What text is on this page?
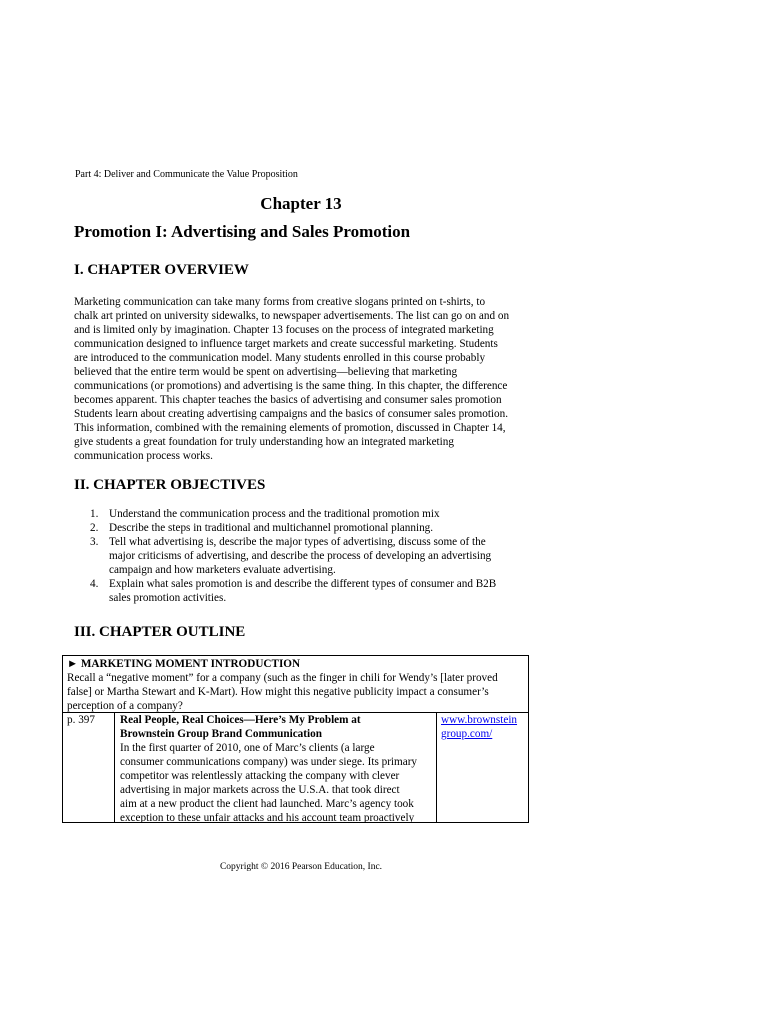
Part 4: Deliver and Communicate the Value Proposition
Chapter 13
Promotion I: Advertising and Sales Promotion
I. CHAPTER OVERVIEW
Marketing communication can take many forms from creative slogans printed on t-shirts, to
chalk art printed on university sidewalks, to newspaper advertisements. The list can go on and on
and is limited only by imagination. Chapter 13 focuses on the process of integrated marketing
communication designed to influence target markets and create successful marketing. Students
are introduced to the communication model. Many students enrolled in this course probably
believed that the entire term would be spent on advertising—believing that marketing
communications (or promotions) and advertising is the same thing. In this chapter, the difference
becomes apparent. This chapter teaches the basics of advertising and consumer sales promotion
Students learn about creating advertising campaigns and the basics of consumer sales promotion.
This information, combined with the remaining elements of promotion, discussed in Chapter 14,
give students a great foundation for truly understanding how an integrated marketing
communication process works.
II. CHAPTER OBJECTIVES
1. Understand the communication process and the traditional promotion mix
2. Describe the steps in traditional and multichannel promotional planning.
3. Tell what advertising is, describe the major types of advertising, discuss some of the
major criticisms of advertising, and describe the process of developing an advertising
campaign and how marketers evaluate advertising.
4. Explain what sales promotion is and describe the different types of consumer and B2B
sales promotion activities.
III. CHAPTER OUTLINE
► MARKETING MOMENT INTRODUCTION
Recall a “negative moment” for a company (such as the finger in chili for Wendy’s [later proved
false] or Martha Stewart and K-Mart). How might this negative publicity impact a consumer’s
perception of a company?
p. 397	Real People, Real Choices—Here’s My Problem at
Brownstein Group Brand Communication
In the first quarter of 2010, one of Marc’s clients (a large
consumer communications company) was under siege. Its primary
competitor was relentlessly attacking the company with clever
advertising in major markets across the U.S.A. that took direct
aim at a new product the client had launched. Marc’s agency took
exception to these unfair attacks and his account team proactively
www.brownstein
group.com/
Copyright © 2016 Pearson Education, Inc.
